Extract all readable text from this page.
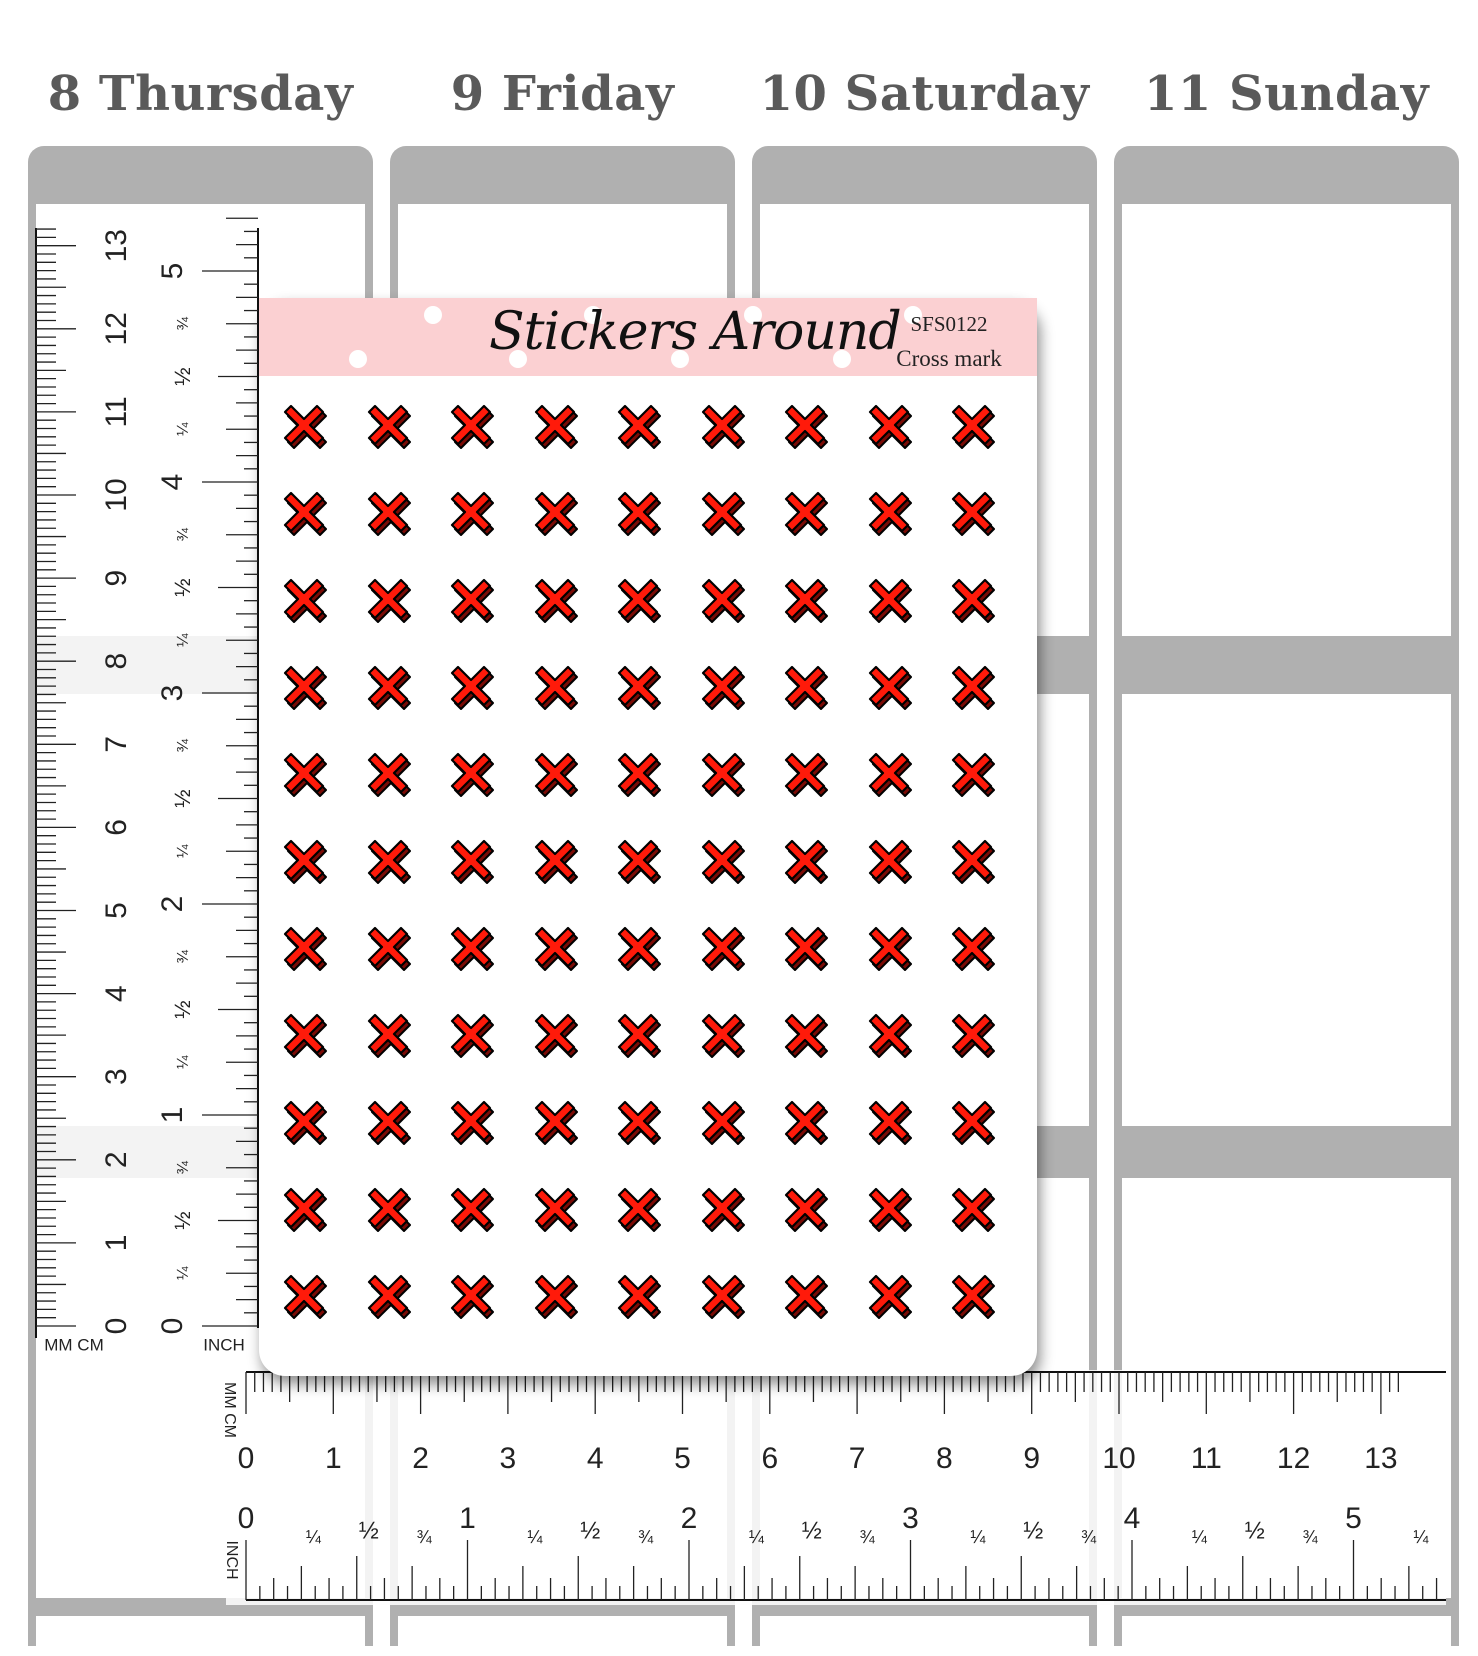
8 Thursday	9 Friday	10 Saturday	11 Sunday
0
1
2
3
4
5
6
7
8
9
10
11
12
13
0
1
2
3
4
5
¼
½
¾
¼
½
¾
¼
½
¾
¼
½
¾
¼
½
¾
MM CM	INCH
0 1 2 3 4 5 6 7 8 9 10 11 12 13
0	1	2	3	4	5
¼ ½ ¾	¼ ½ ¾	¼ ½ ¾	¼ ½ ¾	¼ ½ ¾	¼
MM CM
INCH
Stickers Around SFS0122
Cross mark
